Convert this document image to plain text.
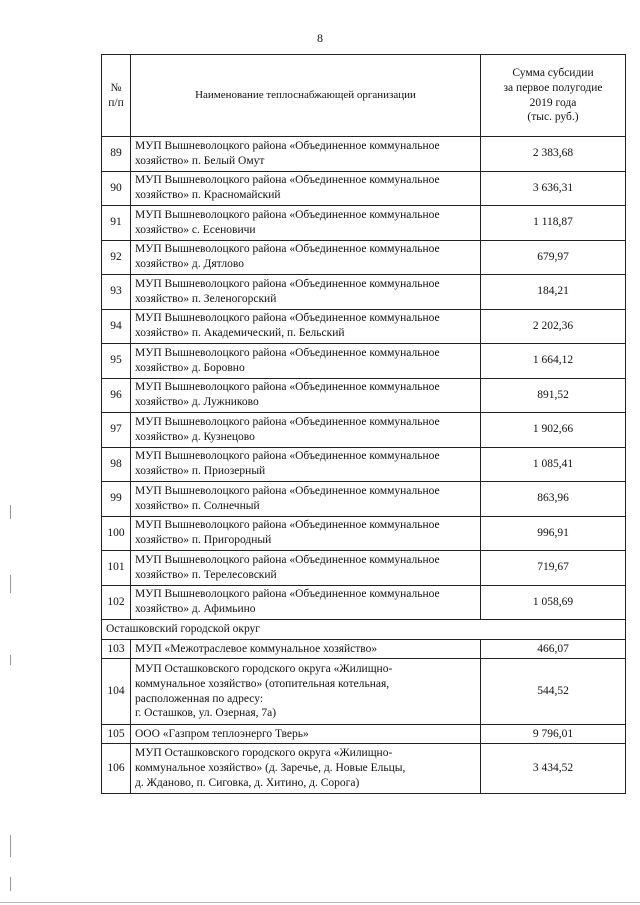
8
№ п/п	Наименование теплоснабжающей организации	Сумма субсидии
за первое полугодие
2019 года
(тыс. руб.)

89	МУП Вышневолоцкого района «Объединенное коммунальное
хозяйство» п. Белый Омут	2 383,68
90	МУП Вышневолоцкого района «Объединенное коммунальное
хозяйство» п. Красномайский	3 636,31
91	МУП Вышневолоцкого района «Объединенное коммунальное
хозяйство» с. Есеновичи	1 118,87
92	МУП Вышневолоцкого района «Объединенное коммунальное
хозяйство» д. Дятлово	679,97
93	МУП Вышневолоцкого района «Объединенное коммунальное
хозяйство» п. Зеленогорский	184,21
94	МУП Вышневолоцкого района «Объединенное коммунальное
хозяйство» п. Академический, п. Бельский	2 202,36
95	МУП Вышневолоцкого района «Объединенное коммунальное
хозяйство» д. Боровно	1 664,12
96	МУП Вышневолоцкого района «Объединенное коммунальное
хозяйство» д. Лужниково	891,52
97	МУП Вышневолоцкого района «Объединенное коммунальное
хозяйство» д. Кузнецово	1 902,66
98	МУП Вышневолоцкого района «Объединенное коммунальное
хозяйство» п. Приозерный	1 085,41
99	МУП Вышневолоцкого района «Объединенное коммунальное
хозяйство» п. Солнечный	863,96
100	МУП Вышневолоцкого района «Объединенное коммунальное
хозяйство» п. Пригородный	996,91
101	МУП Вышневолоцкого района «Объединенное коммунальное
хозяйство» п. Терелесовский	719,67
102	МУП Вышневолоцкого района «Объединенное коммунальное
хозяйство» д. Афимьино	1 058,69
Осташковский городской округ		
103	МУП «Межотраслевое коммунальное хозяйство»	466,07
104	МУП Осташковского городского округа «Жилищно-
коммунальное хозяйство» (отопительная котельная,
расположенная по адресу:
г. Осташков, ул. Озерная, 7а)	544,52
105	ООО «Газпром теплоэнерго Тверь»	9 796,01
106	МУП Осташковского городского округа «Жилищно-
коммунальное хозяйство» (д. Заречье, д. Новые Ельцы,
д. Жданово, п. Сиговка, д. Хитино, д. Сорога)	3 434,52
